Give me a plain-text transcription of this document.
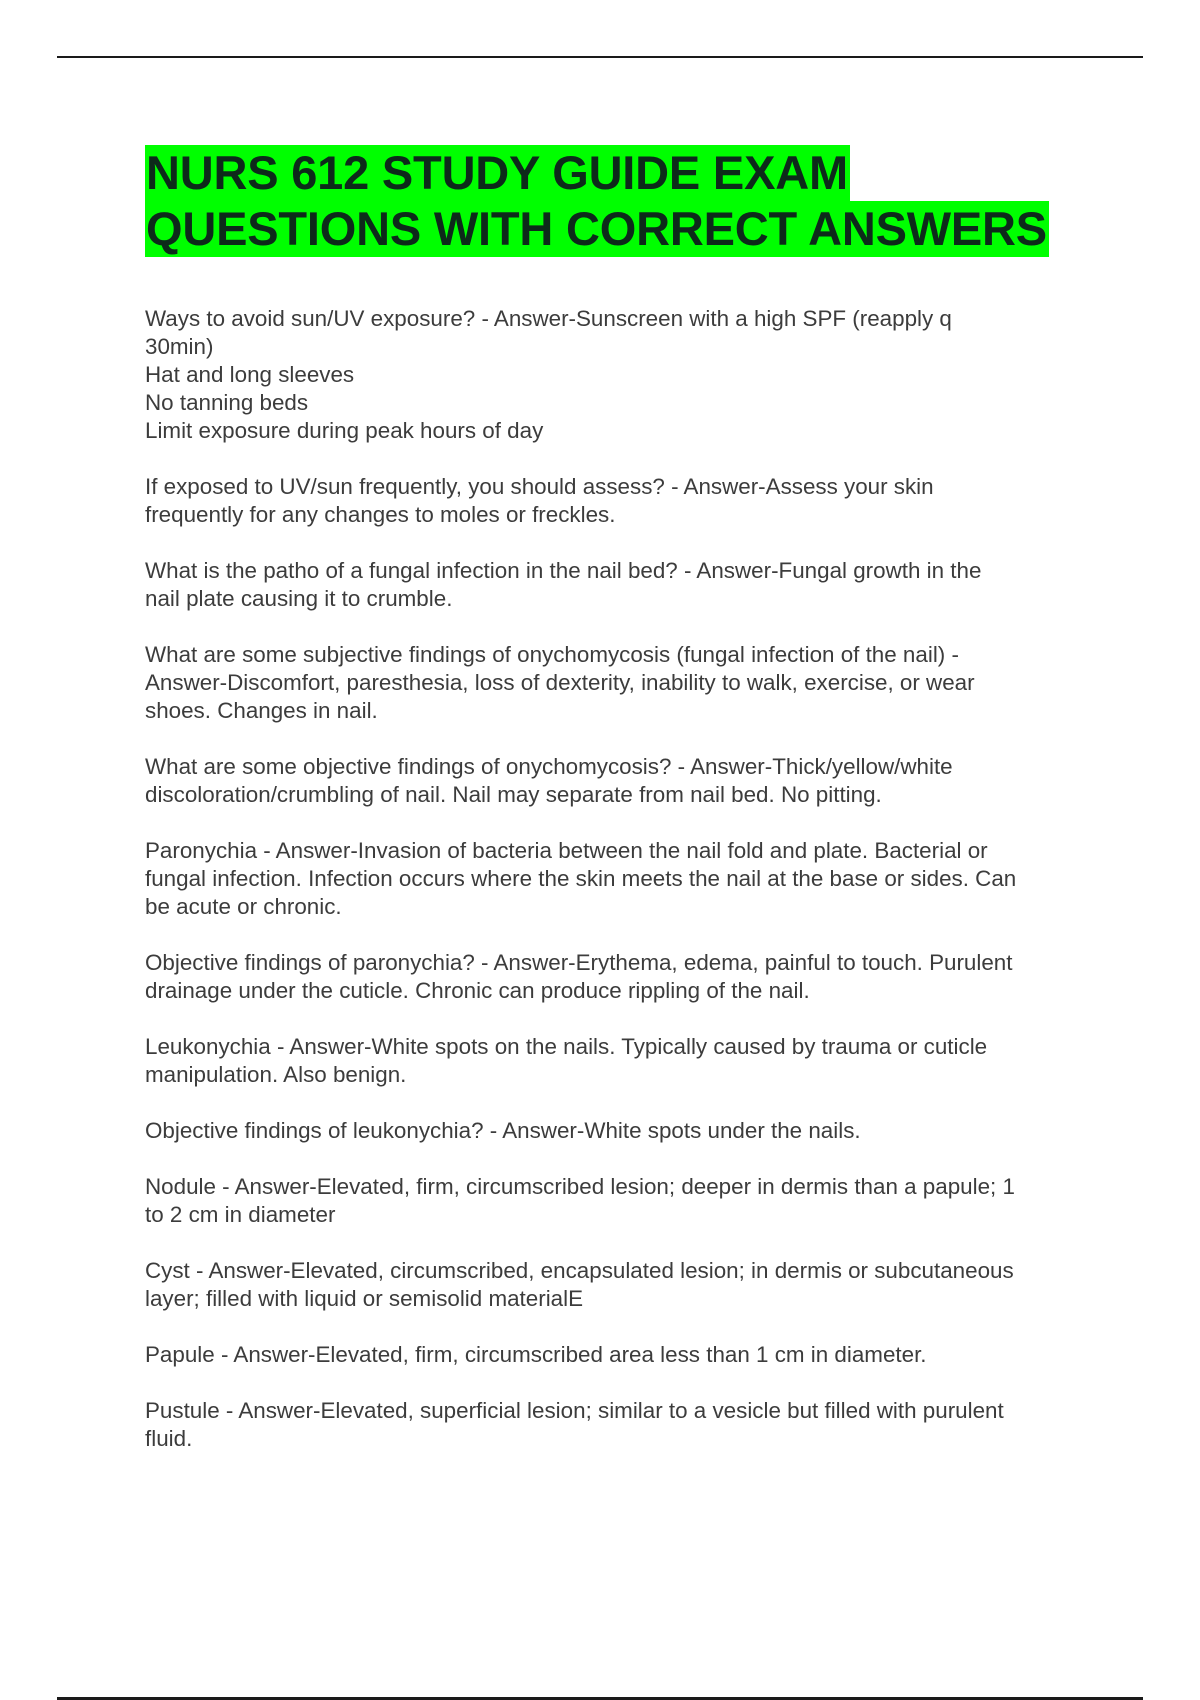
NURS 612 STUDY GUIDE EXAM
QUESTIONS WITH CORRECT ANSWERS

Ways to avoid sun/UV exposure? - Answer-Sunscreen with a high SPF (reapply q
30min)
Hat and long sleeves
No tanning beds
Limit exposure during peak hours of day

If exposed to UV/sun frequently, you should assess? - Answer-Assess your skin
frequently for any changes to moles or freckles.

What is the patho of a fungal infection in the nail bed? - Answer-Fungal growth in the
nail plate causing it to crumble.

What are some subjective findings of onychomycosis (fungal infection of the nail) -
Answer-Discomfort, paresthesia, loss of dexterity, inability to walk, exercise, or wear
shoes. Changes in nail.

What are some objective findings of onychomycosis? - Answer-Thick/yellow/white
discoloration/crumbling of nail. Nail may separate from nail bed. No pitting.

Paronychia - Answer-Invasion of bacteria between the nail fold and plate. Bacterial or
fungal infection. Infection occurs where the skin meets the nail at the base or sides. Can
be acute or chronic.

Objective findings of paronychia? - Answer-Erythema, edema, painful to touch. Purulent
drainage under the cuticle. Chronic can produce rippling of the nail.

Leukonychia - Answer-White spots on the nails. Typically caused by trauma or cuticle
manipulation. Also benign.

Objective findings of leukonychia? - Answer-White spots under the nails.

Nodule - Answer-Elevated, firm, circumscribed lesion; deeper in dermis than a papule; 1
to 2 cm in diameter

Cyst - Answer-Elevated, circumscribed, encapsulated lesion; in dermis or subcutaneous
layer; filled with liquid or semisolid materialE

Papule - Answer-Elevated, firm, circumscribed area less than 1 cm in diameter.

Pustule - Answer-Elevated, superficial lesion; similar to a vesicle but filled with purulent
fluid.
